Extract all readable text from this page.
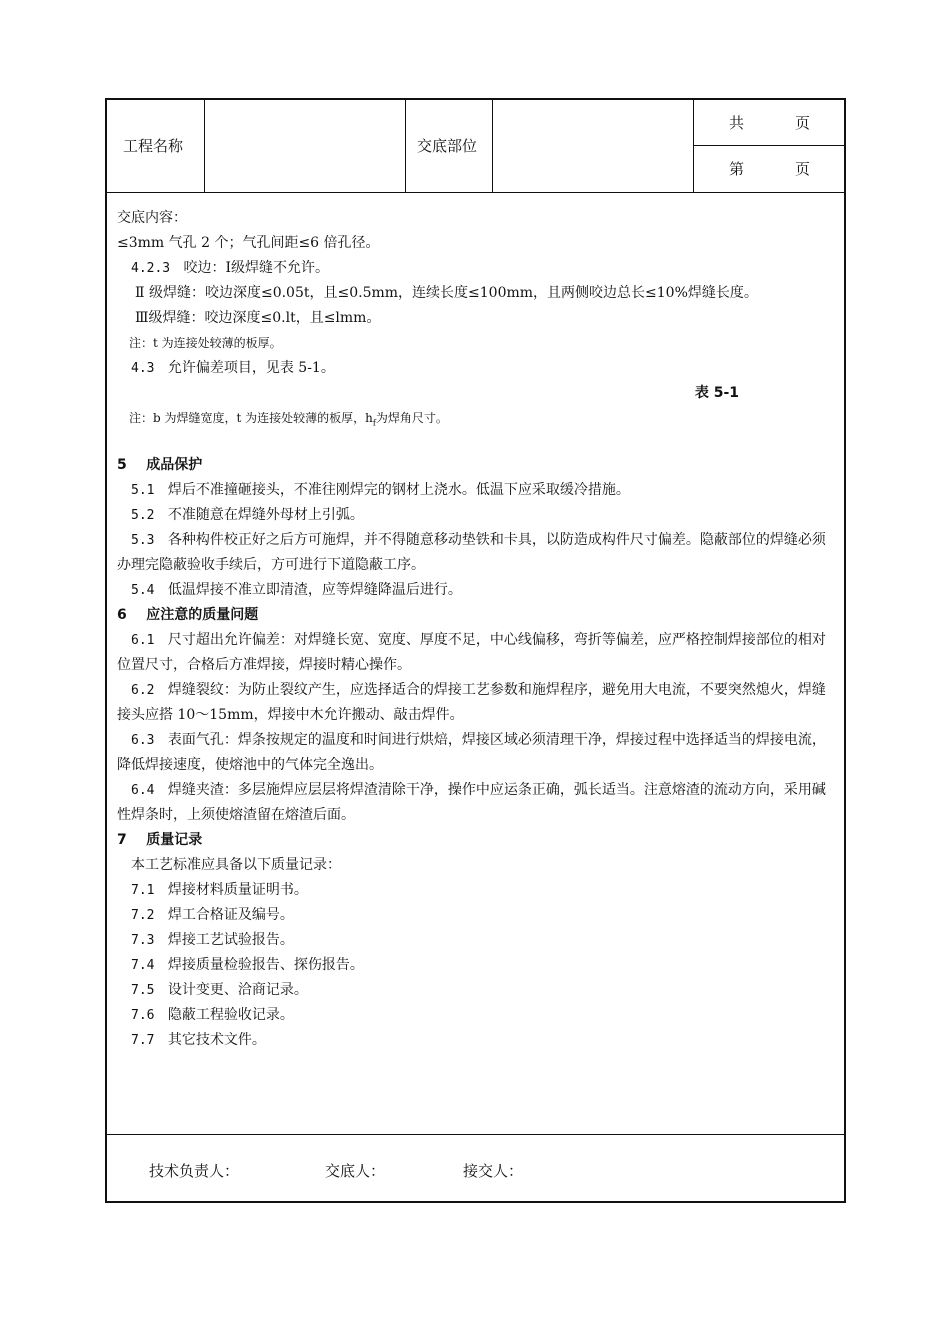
工程名称	交底部位
共	页
第	页
交底内容：
≤3mm 气孔 2 个；气孔间距≤6 倍孔径。
4.2.3 咬边：Ⅰ级焊缝不允许。
Ⅱ 级焊缝：咬边深度≤0.05t，且≤0.5mm，连续长度≤100mm，且两侧咬边总长≤10%焊缝长度。
Ⅲ级焊缝：咬边深度≤0.lt，且≤lmm。
注：t 为连接处较薄的板厚。
4.3 允许偏差项目，见表 5-1。
表 5-1
注：b 为焊缝宽度，t 为连接处较薄的板厚，$h_f$为焊角尺寸。
5 成品保护
5.1 焊后不准撞砸接头，不准往刚焊完的钢材上浇水。低温下应采取缓冷措施。
5.2 不准随意在焊缝外母材上引弧。
5.3 各种构件校正好之后方可施焊，并不得随意移动垫铁和卡具，以防造成构件尺寸偏差。隐蔽部位的焊缝必须办理完隐蔽验收手续后，方可进行下道隐蔽工序。
5.4 低温焊接不准立即清渣，应等焊缝降温后进行。
6 应注意的质量问题
6.1 尺寸超出允许偏差：对焊缝长宽、宽度、厚度不足，中心线偏移，弯折等偏差，应严格控制焊接部位的相对位置尺寸，合格后方准焊接，焊接时精心操作。
6.2 焊缝裂纹：为防止裂纹产生，应选择适合的焊接工艺参数和施焊程序，避免用大电流，不要突然熄火，焊缝接头应搭 10～15mm，焊接中木允许搬动、敲击焊件。
6.3 表面气孔：焊条按规定的温度和时间进行烘焙，焊接区域必须清理干净，焊接过程中选择适当的焊接电流，降低焊接速度，使熔池中的气体完全逸出。
6.4 焊缝夹渣：多层施焊应层层将焊渣清除干净，操作中应运条正确，弧长适当。注意熔渣的流动方向，采用碱性焊条时，上须使熔渣留在熔渣后面。
7 质量记录
本工艺标准应具备以下质量记录：
7.1 焊接材料质量证明书。
7.2 焊工合格证及编号。
7.3 焊接工艺试验报告。
7.4 焊接质量检验报告、探伤报告。
7.5 设计变更、洽商记录。
7.6 隐蔽工程验收记录。
7.7 其它技术文件。
技术负责人：	交底人：	接交人：
